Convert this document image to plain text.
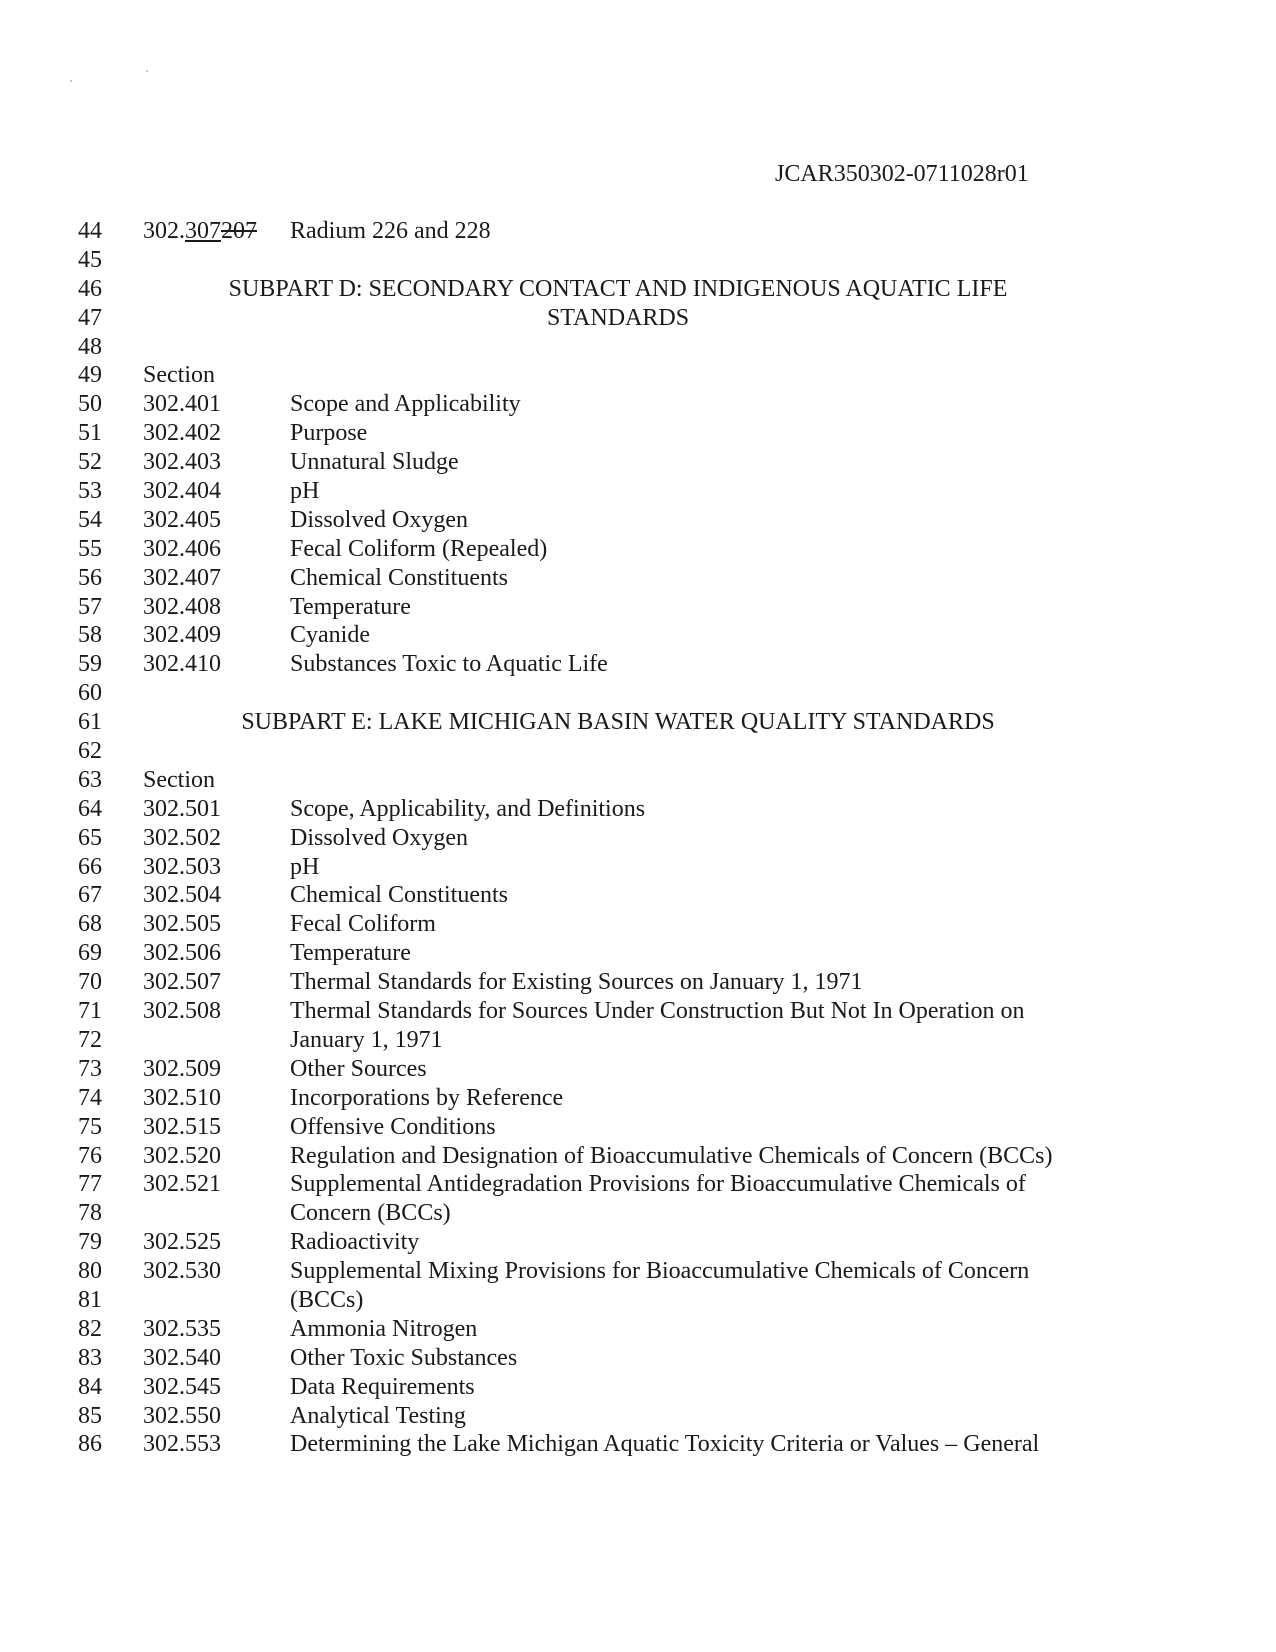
JCAR350302-0711028r01
44	302.307207 Radium 226 and 228
45
46	SUBPART D: SECONDARY CONTACT AND INDIGENOUS AQUATIC LIFE
47	STANDARDS
48
49	Section
50	302.401	Scope and Applicability
51	302.402	Purpose
52	302.403	Unnatural Sludge
53	302.404	pH
54	302.405	Dissolved Oxygen
55	302.406	Fecal Coliform (Repealed)
56	302.407	Chemical Constituents
57	302.408	Temperature
58	302.409	Cyanide
59	302.410	Substances Toxic to Aquatic Life
60
61	SUBPART E: LAKE MICHIGAN BASIN WATER QUALITY STANDARDS
62
63	Section
64	302.501	Scope, Applicability, and Definitions
65	302.502	Dissolved Oxygen
66	302.503	pH
67	302.504	Chemical Constituents
68	302.505	Fecal Coliform
69	302.506	Temperature
70	302.507	Thermal Standards for Existing Sources on January 1, 1971
71	302.508	Thermal Standards for Sources Under Construction But Not In Operation on
72	January 1, 1971
73	302.509	Other Sources
74	302.510	Incorporations by Reference
75	302.515	Offensive Conditions
76	302.520	Regulation and Designation of Bioaccumulative Chemicals of Concern (BCCs)
77	302.521	Supplemental Antidegradation Provisions for Bioaccumulative Chemicals of
78	Concern (BCCs)
79	302.525	Radioactivity
80	302.530	Supplemental Mixing Provisions for Bioaccumulative Chemicals of Concern
81	(BCCs)
82	302.535	Ammonia Nitrogen
83	302.540	Other Toxic Substances
84	302.545	Data Requirements
85	302.550	Analytical Testing
86	302.553	Determining the Lake Michigan Aquatic Toxicity Criteria or Values – General
